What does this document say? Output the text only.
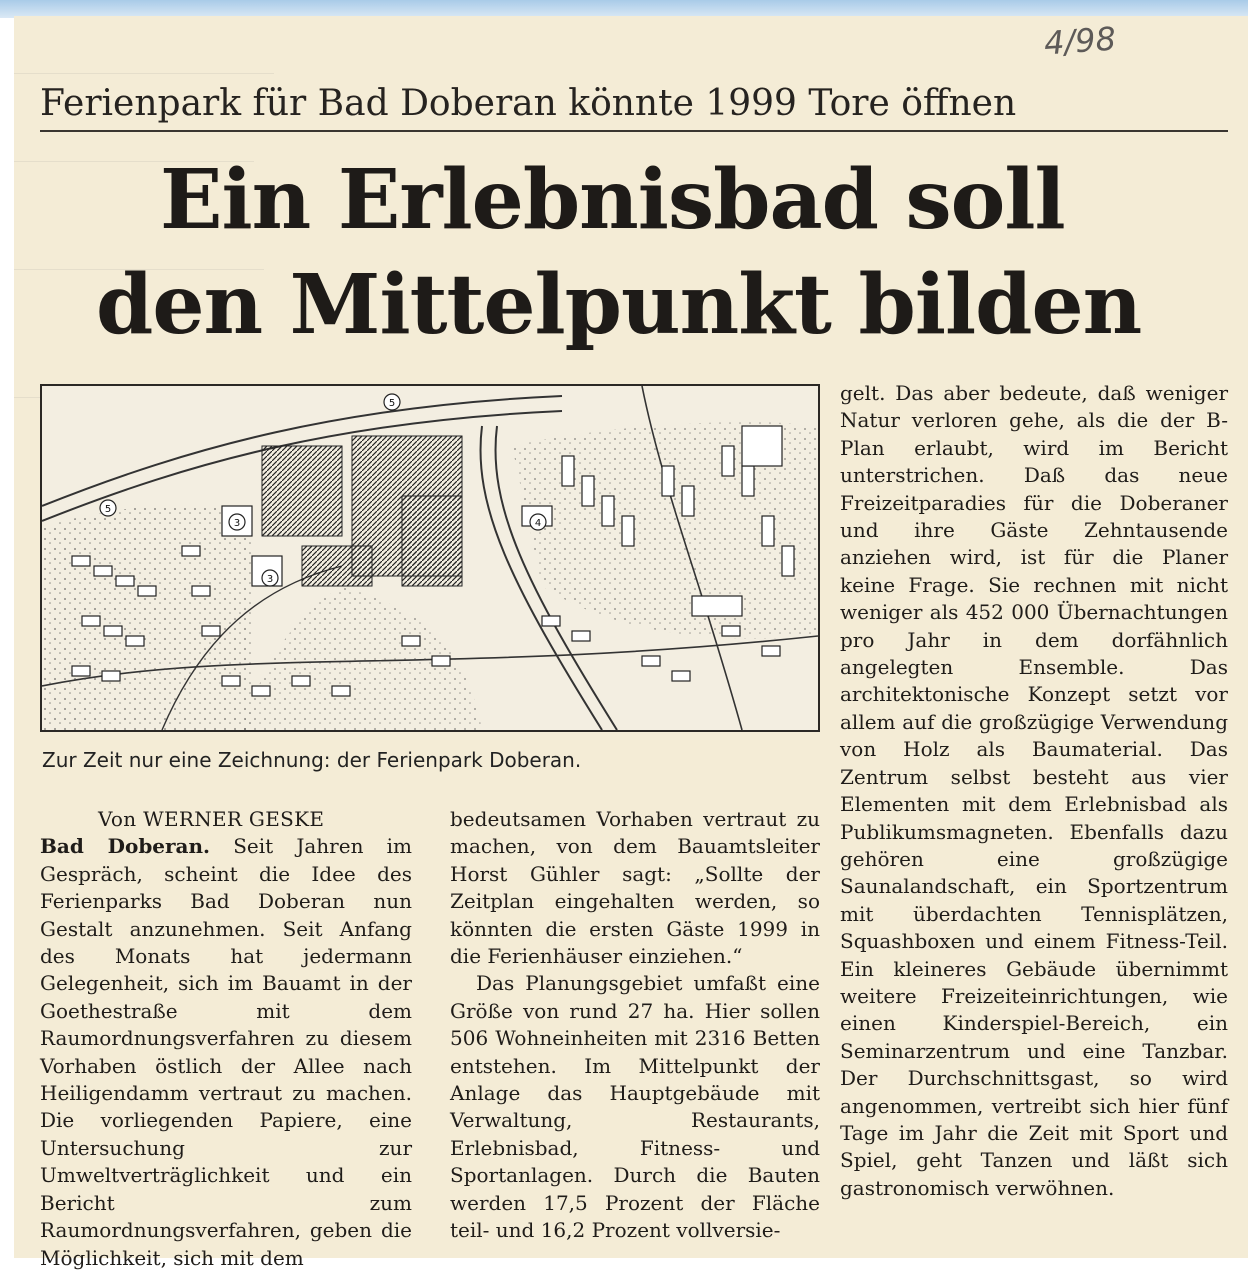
4/98
Ferienpark für Bad Doberan könnte 1999 Tore öffnen
Ein Erlebnisbad soll
den Mittelpunkt bilden
5
5
3
3
4
Zur Zeit nur eine Zeichnung: der Ferienpark Doberan.

Von WERNER GESKE

Bad Doberan. Seit Jahren im Gespräch, scheint die Idee des Ferienparks Bad Doberan nun Gestalt anzunehmen. Seit Anfang des Monats hat jedermann Gelegenheit, sich im Bauamt in der Goethestraße mit dem Raumordnungsverfahren zu diesem Vorhaben östlich der Allee nach Heiligendamm vertraut zu machen. Die vorliegenden Papiere, eine Untersuchung zur Umweltverträglichkeit und ein Bericht zum Raumordnungsverfahren, geben die Möglichkeit, sich mit dem

bedeutsamen Vorhaben vertraut zu machen, von dem Bauamtsleiter Horst Gühler sagt: „Sollte der Zeitplan eingehalten werden, so könnten die ersten Gäste 1999 in die Ferienhäuser einziehen.“

Das Planungsgebiet umfaßt eine Größe von rund 27 ha. Hier sollen 506 Wohneinheiten mit 2316 Betten entstehen. Im Mittelpunkt der Anlage das Hauptgebäude mit Verwaltung, Restaurants, Erlebnisbad, Fitness- und Sportanlagen. Durch die Bauten werden 17,5 Prozent der Fläche teil- und 16,2 Prozent vollversie-

gelt. Das aber bedeute, daß weniger Natur verloren gehe, als die der B-Plan erlaubt, wird im Bericht unterstrichen. Daß das neue Freizeitparadies für die Doberaner und ihre Gäste Zehntausende anziehen wird, ist für die Planer keine Frage. Sie rechnen mit nicht weniger als 452 000 Übernachtungen pro Jahr in dem dorfähnlich angelegten Ensemble. Das architektonische Konzept setzt vor allem auf die großzügige Verwendung von Holz als Baumaterial. Das Zentrum selbst besteht aus vier Elementen mit dem Erlebnisbad als Publikumsmagneten. Ebenfalls dazu gehören eine großzügige Saunalandschaft, ein Sportzentrum mit überdachten Tennisplätzen, Squashboxen und einem Fitness-Teil. Ein kleineres Gebäude übernimmt weitere Freizeiteinrichtungen, wie einen Kinderspiel-Bereich, ein Seminarzentrum und eine Tanzbar. Der Durchschnittsgast, so wird angenommen, vertreibt sich hier fünf Tage im Jahr die Zeit mit Sport und Spiel, geht Tanzen und läßt sich gastronomisch verwöhnen.
